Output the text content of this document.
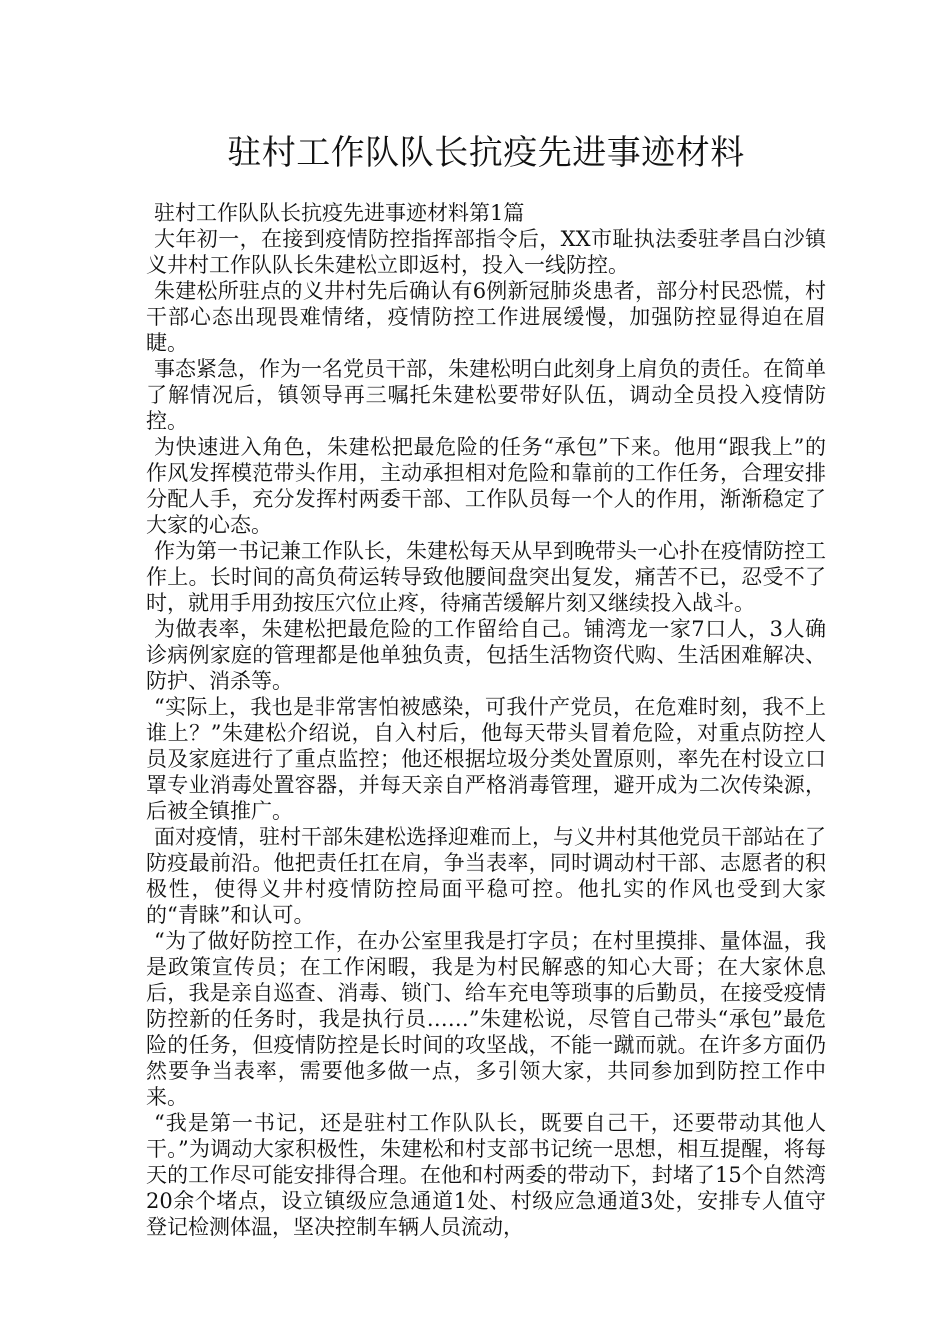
驻村工作队队长抗疫先进事迹材料

驻村工作队队长抗疫先进事迹材料第1篇

大年初一，在接到疫情防控指挥部指令后，XX市耻执法委驻孝昌白沙镇义井村工作队队长朱建松立即返村，投入一线防控。

朱建松所驻点的义井村先后确认有6例新冠肺炎患者，部分村民恐慌，村干部心态出现畏难情绪，疫情防控工作进展缓慢，加强防控显得迫在眉睫。

事态紧急，作为一名党员干部，朱建松明白此刻身上肩负的责任。在简单了解情况后，镇领导再三嘱托朱建松要带好队伍，调动全员投入疫情防控。

为快速进入角色，朱建松把最危险的任务“承包”下来。他用“跟我上”的作风发挥模范带头作用，主动承担相对危险和靠前的工作任务，合理安排分配人手，充分发挥村两委干部、工作队员每一个人的作用，渐渐稳定了大家的心态。

作为第一书记兼工作队长，朱建松每天从早到晚带头一心扑在疫情防控工作上。长时间的高负荷运转导致他腰间盘突出复发，痛苦不已，忍受不了时，就用手用劲按压穴位止疼，待痛苦缓解片刻又继续投入战斗。

为做表率，朱建松把最危险的工作留给自己。铺湾龙一家7口人，3人确诊病例家庭的管理都是他单独负责，包括生活物资代购、生活困难解决、防护、消杀等。

“实际上，我也是非常害怕被感染，可我什产党员，在危难时刻，我不上谁上？”朱建松介绍说，自入村后，他每天带头冒着危险，对重点防控人员及家庭进行了重点监控；他还根据垃圾分类处置原则，率先在村设立口罩专业消毒处置容器，并每天亲自严格消毒管理，避开成为二次传染源，后被全镇推广。

面对疫情，驻村干部朱建松选择迎难而上，与义井村其他党员干部站在了防疫最前沿。他把责任扛在肩，争当表率，同时调动村干部、志愿者的积极性，使得义井村疫情防控局面平稳可控。他扎实的作风也受到大家的“青睐”和认可。

“为了做好防控工作，在办公室里我是打字员；在村里摸排、量体温，我是政策宣传员；在工作闲暇，我是为村民解惑的知心大哥；在大家休息后，我是亲自巡查、消毒、锁门、给车充电等琐事的后勤员，在接受疫情防控新的任务时，我是执行员……”朱建松说，尽管自己带头“承包”最危险的任务，但疫情防控是长时间的攻坚战，不能一蹴而就。在许多方面仍然要争当表率，需要他多做一点，多引领大家，共同参加到防控工作中来。

“我是第一书记，还是驻村工作队队长，既要自己干，还要带动其他人干。”为调动大家积极性，朱建松和村支部书记统一思想，相互提醒，将每天的工作尽可能安排得合理。在他和村两委的带动下，封堵了15个自然湾20余个堵点，设立镇级应急通道1处、村级应急通道3处，安排专人值守登记检测体温，坚决控制车辆人员流动，
